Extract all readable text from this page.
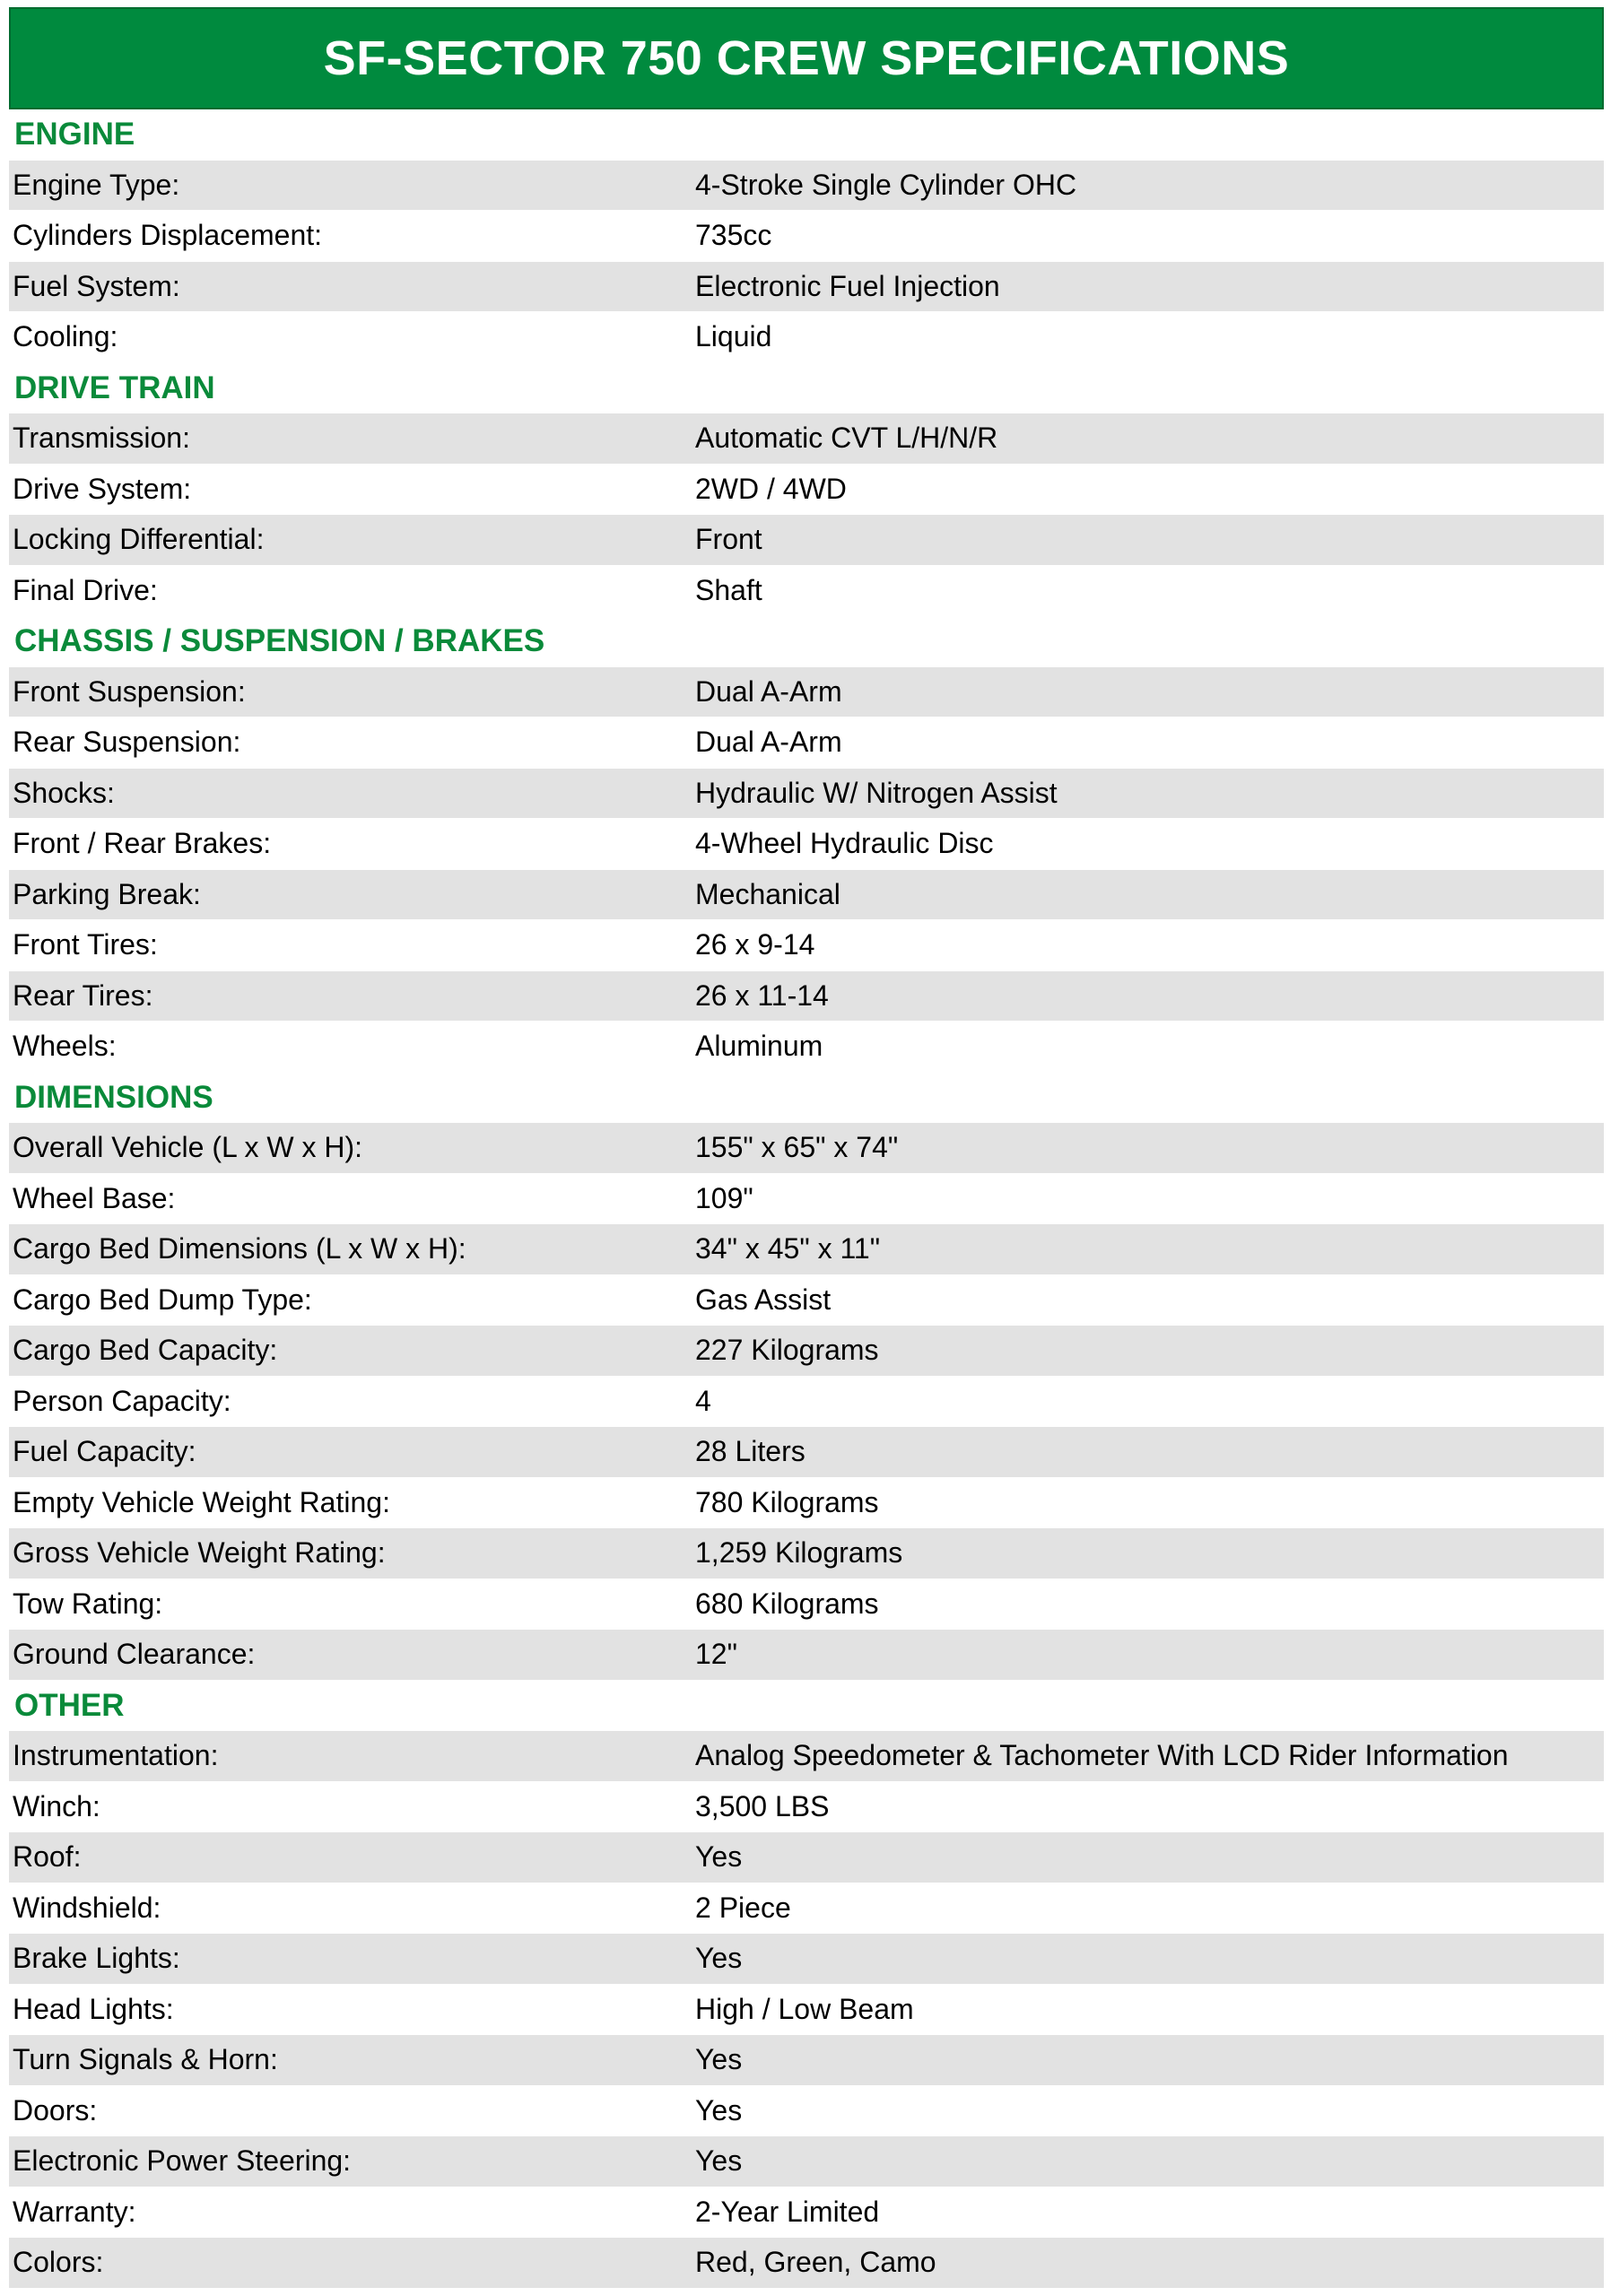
SF-SECTOR 750 CREW SPECIFICATIONS
ENGINE
Engine Type:	4-Stroke Single Cylinder OHC
Cylinders Displacement:	735cc
Fuel System:	Electronic Fuel Injection
Cooling:	Liquid
DRIVE TRAIN
Transmission:	Automatic CVT L/H/N/R
Drive System:	2WD / 4WD
Locking Differential:	Front
Final Drive:	Shaft
CHASSIS / SUSPENSION / BRAKES
Front Suspension:	Dual A-Arm
Rear Suspension:	Dual A-Arm
Shocks:	Hydraulic W/ Nitrogen Assist
Front / Rear Brakes:	4-Wheel Hydraulic Disc
Parking Break:	Mechanical
Front Tires:	26 x 9-14
Rear Tires:	26 x 11-14
Wheels:	Aluminum
DIMENSIONS
Overall Vehicle (L x W x H):	155" x 65" x 74"
Wheel Base:	109"
Cargo Bed Dimensions (L x W x H):	34" x 45" x 11"
Cargo Bed Dump Type:	Gas Assist
Cargo Bed Capacity:	227 Kilograms
Person Capacity:	4
Fuel Capacity:	28 Liters
Empty Vehicle Weight Rating:	780 Kilograms
Gross Vehicle Weight Rating:	1,259 Kilograms
Tow Rating:	680 Kilograms
Ground Clearance:	12"
OTHER
Instrumentation:	Analog Speedometer & Tachometer With LCD Rider Information
Winch:	3,500 LBS
Roof:	Yes
Windshield:	2 Piece
Brake Lights:	Yes
Head Lights:	High / Low Beam
Turn Signals & Horn:	Yes
Doors:	Yes
Electronic Power Steering:	Yes
Warranty:	2-Year Limited
Colors:	Red, Green, Camo
